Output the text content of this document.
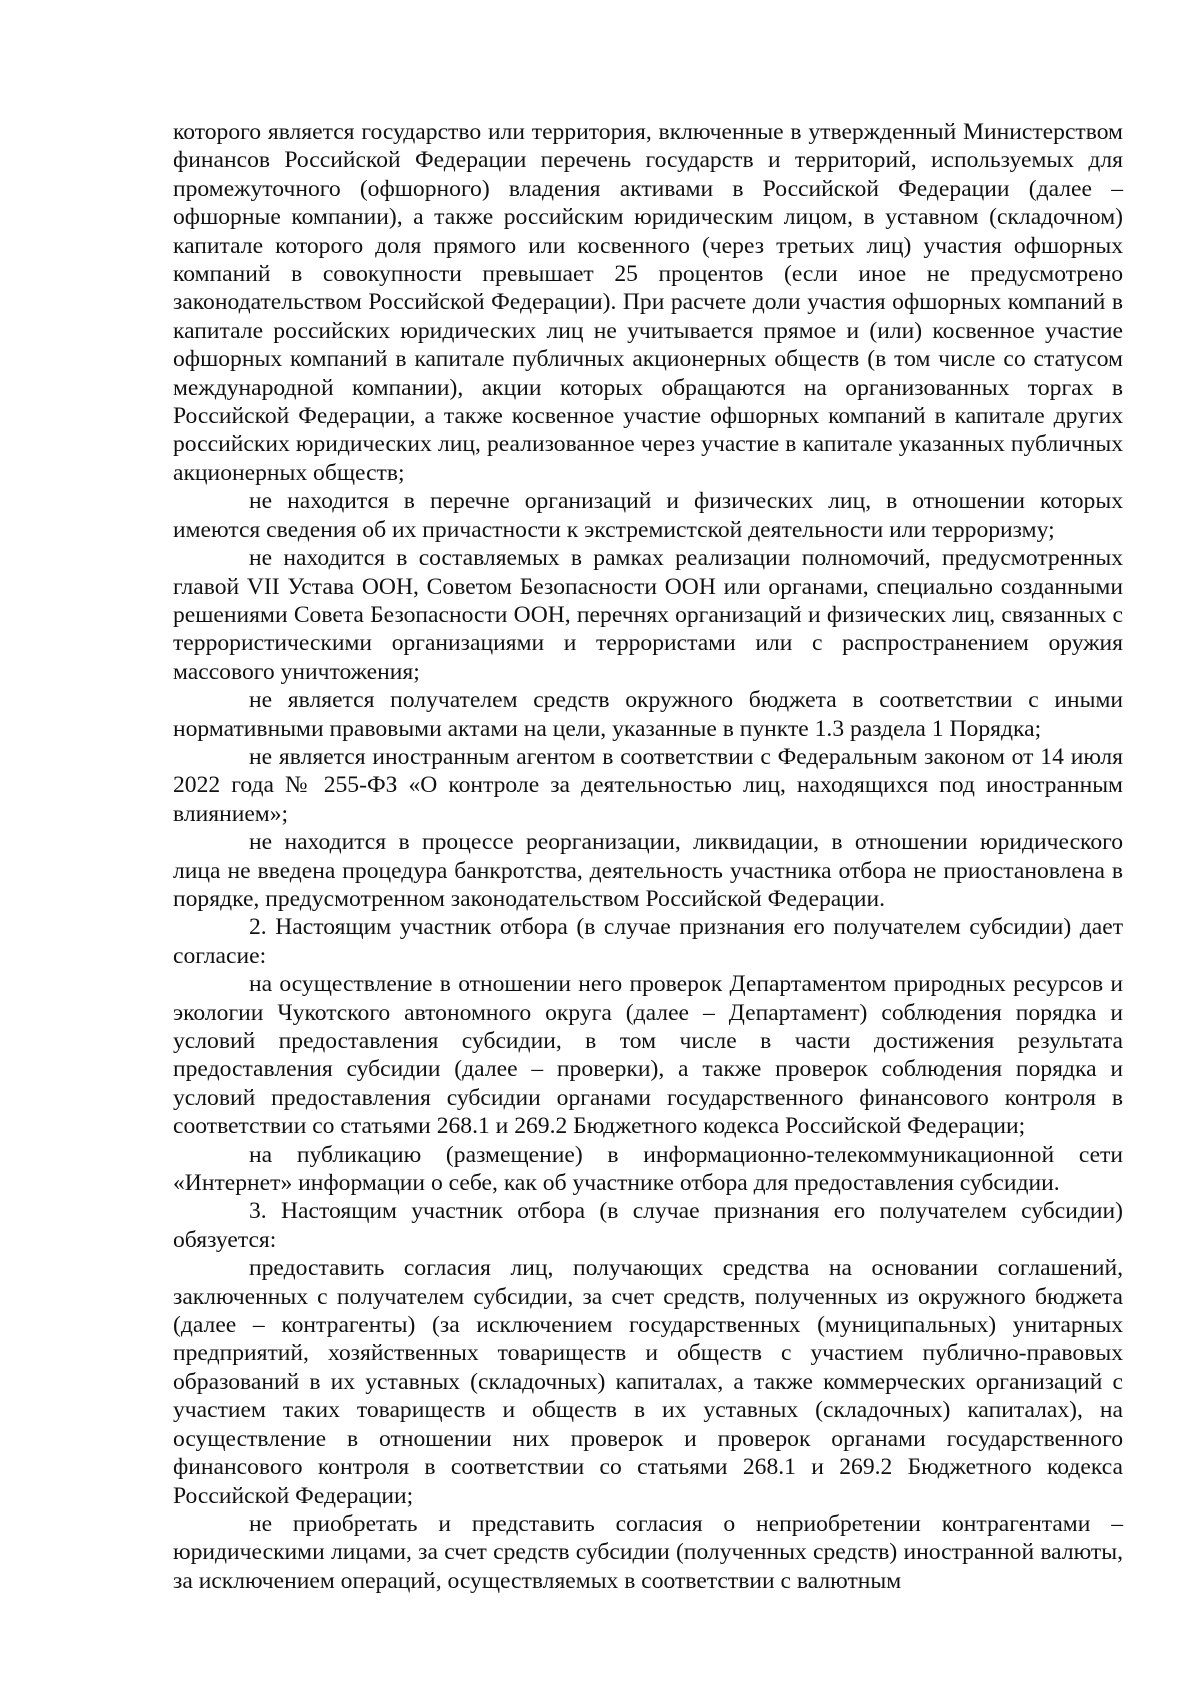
которого является государство или территория, включенные в утвержденный Министерством финансов Российской Федерации перечень государств и территорий, используемых для промежуточного (офшорного) владения активами в Российской Федерации (далее – офшорные компании), а также российским юридическим лицом, в уставном (складочном) капитале которого доля прямого или косвенного (через третьих лиц) участия офшорных компаний в совокупности превышает 25 процентов (если иное не предусмотрено законодательством Российской Федерации). При расчете доли участия офшорных компаний в капитале российских юридических лиц не учитывается прямое и (или) косвенное участие офшорных компаний в капитале публичных акционерных обществ (в том числе со статусом международной компании), акции которых обращаются на организованных торгах в Российской Федерации, а также косвенное участие офшорных компаний в капитале других российских юридических лиц, реализованное через участие в капитале указанных публичных акционерных обществ;

не находится в перечне организаций и физических лиц, в отношении которых имеются сведения об их причастности к экстремистской деятельности или терроризму;

не находится в составляемых в рамках реализации полномочий, предусмотренных главой VII Устава ООН, Советом Безопасности ООН или органами, специально созданными решениями Совета Безопасности ООН, перечнях организаций и физических лиц, связанных с террористическими организациями и террористами или с распространением оружия массового уничтожения;

не является получателем средств окружного бюджета в соответствии с иными нормативными правовыми актами на цели, указанные в пункте 1.3 раздела 1 Порядка;

не является иностранным агентом в соответствии с Федеральным законом от 14 июля 2022 года № 255-ФЗ «О контроле за деятельностью лиц, находящихся под иностранным влиянием»;

не находится в процессе реорганизации, ликвидации, в отношении юридического лица не введена процедура банкротства, деятельность участника отбора не приостановлена в порядке, предусмотренном законодательством Российской Федерации.

2. Настоящим участник отбора (в случае признания его получателем субсидии) дает согласие:

на осуществление в отношении него проверок Департаментом природных ресурсов и экологии Чукотского автономного округа (далее – Департамент) соблюдения порядка и условий предоставления субсидии, в том числе в части достижения результата предоставления субсидии (далее – проверки), а также проверок соблюдения порядка и условий предоставления субсидии органами государственного финансового контроля в соответствии со статьями 268.1 и 269.2 Бюджетного кодекса Российской Федерации;

на публикацию (размещение) в информационно-телекоммуникационной сети «Интернет» информации о себе, как об участнике отбора для предоставления субсидии.

3. Настоящим участник отбора (в случае признания его получателем субсидии) обязуется:

предоставить согласия лиц, получающих средства на основании соглашений, заключенных с получателем субсидии, за счет средств, полученных из окружного бюджета (далее – контрагенты) (за исключением государственных (муниципальных) унитарных предприятий, хозяйственных товариществ и обществ с участием публично-правовых образований в их уставных (складочных) капиталах, а также коммерческих организаций с участием таких товариществ и обществ в их уставных (складочных) капиталах), на осуществление в отношении них проверок и проверок органами государственного финансового контроля в соответствии со статьями 268.1 и 269.2 Бюджетного кодекса Российской Федерации;

не приобретать и представить согласия о неприобретении контрагентами – юридическими лицами, за счет средств субсидии (полученных средств) иностранной валюты, за исключением операций, осуществляемых в соответствии с валютным
